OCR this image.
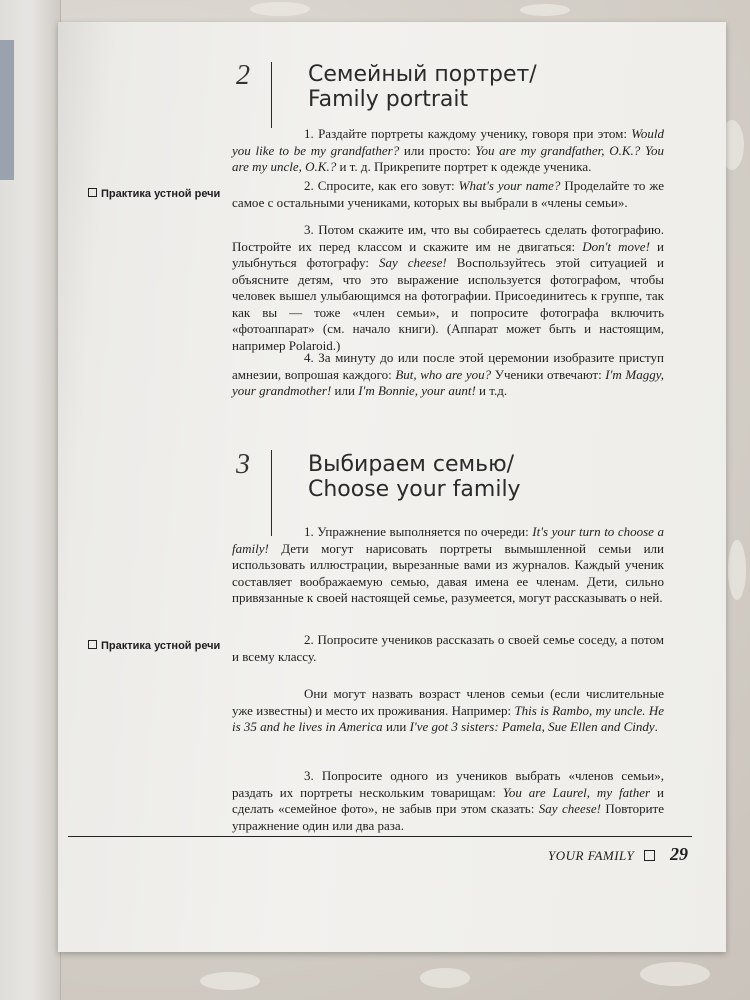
2	Семейный портрет/
Family portrait
1. Раздайте портреты каждому ученику, говоря при этом: Would you like to be my grandfather? или просто: You are my grandfather, O.K.? You are my uncle, O.K.? и т. д. Прикрепите портрет к одежде ученика.
Практика устной речи
2. Спросите, как его зовут: What's your name? Проделайте то же самое с остальными учениками, которых вы выбрали в «члены семьи».
3. Потом скажите им, что вы собираетесь сделать фотографию. Постройте их перед классом и скажите им не двигаться: Don't move! и улыбнуться фотографу: Say cheese! Воспользуйтесь этой ситуацией и объясните детям, что это выражение используется фотографом, чтобы человек вышел улыбающимся на фотографии. Присоединитесь к группе, так как вы — тоже «член семьи», и попросите фотографа включить «фотоаппарат» (см. начало книги). (Аппарат может быть и настоящим, например Polaroid.)
4. За минуту до или после этой церемонии изобразите приступ амнезии, вопрошая каждого: But, who are you? Ученики отвечают: I'm Maggy, your grandmother! или I'm Bonnie, your aunt! и т.д.
3	Выбираем семью/
Choose your family
1. Упражнение выполняется по очереди: It's your turn to choose a family! Дети могут нарисовать портреты вымышленной семьи или использовать иллюстрации, вырезанные вами из журналов. Каждый ученик составляет воображаемую семью, давая имена ее членам. Дети, сильно привязанные к своей настоящей семье, разумеется, могут рассказывать о ней.
Практика устной речи	2. Попросите учеников рассказать о своей семье соседу, а потом и всему классу.
Они могут назвать возраст членов семьи (если числительные уже известны) и место их проживания. Например: This is Rambo, my uncle. He is 35 and he lives in America или I've got 3 sisters: Pamela, Sue Ellen and Cindy.
3. Попросите одного из учеников выбрать «членов семьи», раздать их портреты нескольким товарищам: You are Laurel, my father и сделать «семейное фото», не забыв при этом сказать: Say cheese! Повторите упражнение один или два раза.
YOUR FAMILY 29
